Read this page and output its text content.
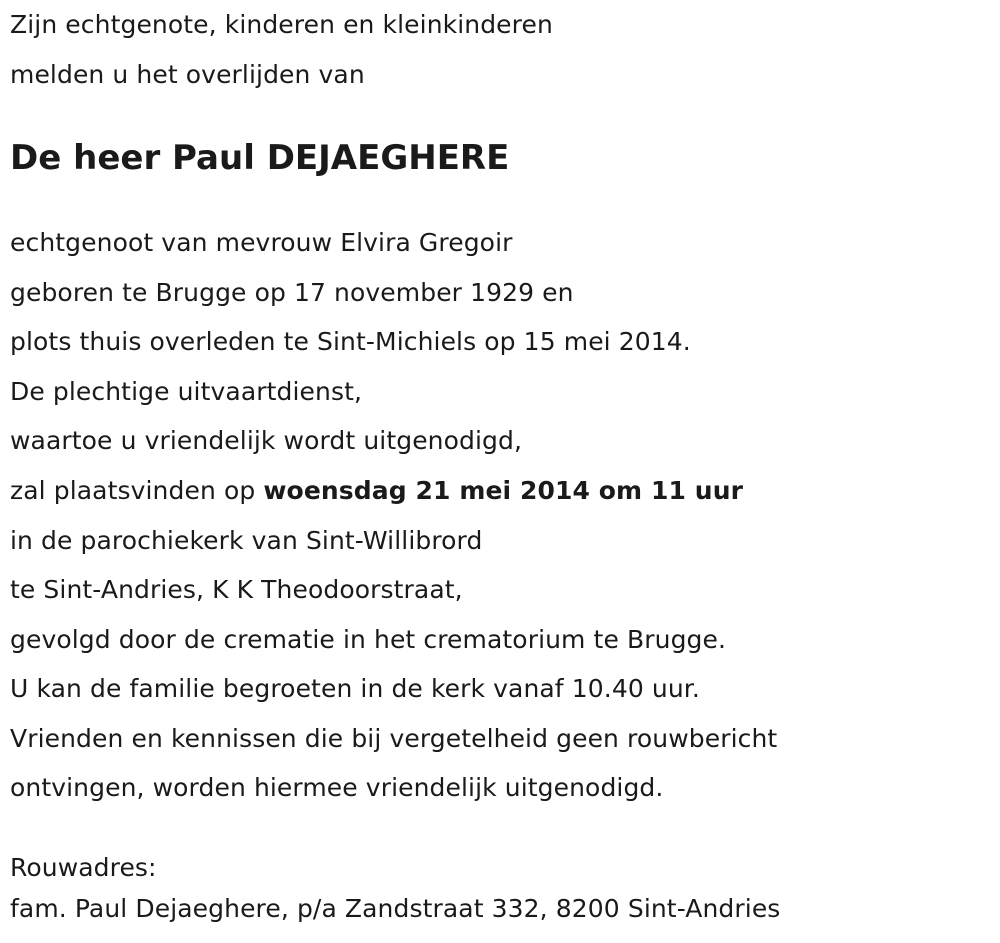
Zijn echtgenote, kinderen en kleinkinderen
melden u het overlijden van
De heer Paul DEJAEGHERE
echtgenoot van mevrouw Elvira Gregoir
geboren te Brugge op 17 november 1929 en
plots thuis overleden te Sint-Michiels op 15 mei 2014.
De plechtige uitvaartdienst,
waartoe u vriendelijk wordt uitgenodigd,
zal plaatsvinden op woensdag 21 mei 2014 om 11 uur
in de parochiekerk van Sint-Willibrord
te Sint-Andries, K K Theodoorstraat,
gevolgd door de crematie in het crematorium te Brugge.
U kan de familie begroeten in de kerk vanaf 10.40 uur.
Vrienden en kennissen die bij vergetelheid geen rouwbericht
ontvingen, worden hiermee vriendelijk uitgenodigd.
Rouwadres:
fam. Paul Dejaeghere, p/a Zandstraat 332, 8200 Sint-Andries
